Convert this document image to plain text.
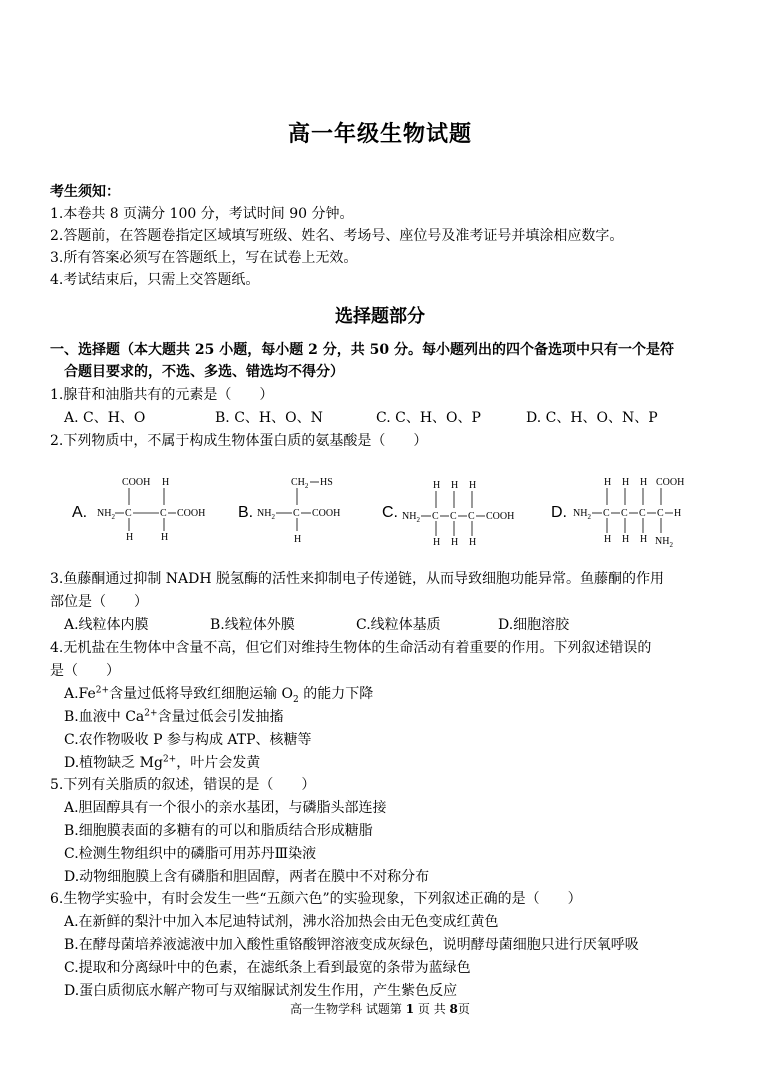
高一年级生物试题
考生须知：
1.本卷共 8 页满分 100 分，考试时间 90 分钟。
2.答题前，在答题卷指定区域填写班级、姓名、考场号、座位号及准考证号并填涂相应数字。
3.所有答案必须写在答题纸上，写在试卷上无效。
4.考试结束后，只需上交答题纸。
选择题部分
一、选择题（本大题共 25 小题，每小题 2 分，共 50 分。每小题列出的四个备选项中只有一个是符
合题目要求的，不选、多选、错选均不得分）
1.腺苷和油脂共有的元素是（　　）
A. C、H、O	B. C、H、O、N	C. C、H、O、P	D. C、H、O、N、P
2.下列物质中，不属于构成生物体蛋白质的氨基酸是（　　）
A. $NH_2$ C
COOH
H
C
H
H
COOH B. $NH_2$ C
$CH_2$ HS
COOH
H
C. $NH_2$ C
H
H
C
H
H
C
H
H
COOH D. $NH_2$ C
H
H
C
H
H
C
H
H
C
COOH
$NH_2$
H
3.鱼藤酮通过抑制 NADH 脱氢酶的活性来抑制电子传递链，从而导致细胞功能异常。鱼藤酮的作用
部位是（　　）
A.线粒体内膜	B.线粒体外膜	C.线粒体基质	D.细胞溶胶
4.无机盐在生物体中含量不高，但它们对维持生物体的生命活动有着重要的作用。下列叙述错误的
是（　　）
$A.Fe^{2+}$含量过低将导致红细胞运输 $O_2$ 的能力下降
B.血液中 $Ca^{2+}$含量过低会引发抽搐
C.农作物吸收 P 参与构成 ATP、核糖等
D.植物缺乏 $Mg^{2+}$，叶片会发黄
5.下列有关脂质的叙述，错误的是（　　）
A.胆固醇具有一个很小的亲水基团，与磷脂头部连接
B.细胞膜表面的多糖有的可以和脂质结合形成糖脂
C.检测生物组织中的磷脂可用苏丹Ⅲ染液
D.动物细胞膜上含有磷脂和胆固醇，两者在膜中不对称分布
6.生物学实验中，有时会发生一些“五颜六色”的实验现象，下列叙述正确的是（　　）
A.在新鲜的梨汁中加入本尼迪特试剂，沸水浴加热会由无色变成红黄色
B.在酵母菌培养液滤液中加入酸性重铬酸钾溶液变成灰绿色，说明酵母菌细胞只进行厌氧呼吸
C.提取和分离绿叶中的色素，在滤纸条上看到最宽的条带为蓝绿色
D.蛋白质彻底水解产物可与双缩脲试剂发生作用，产生紫色反应
高一生物学科 试题第 1 页 共 8页
